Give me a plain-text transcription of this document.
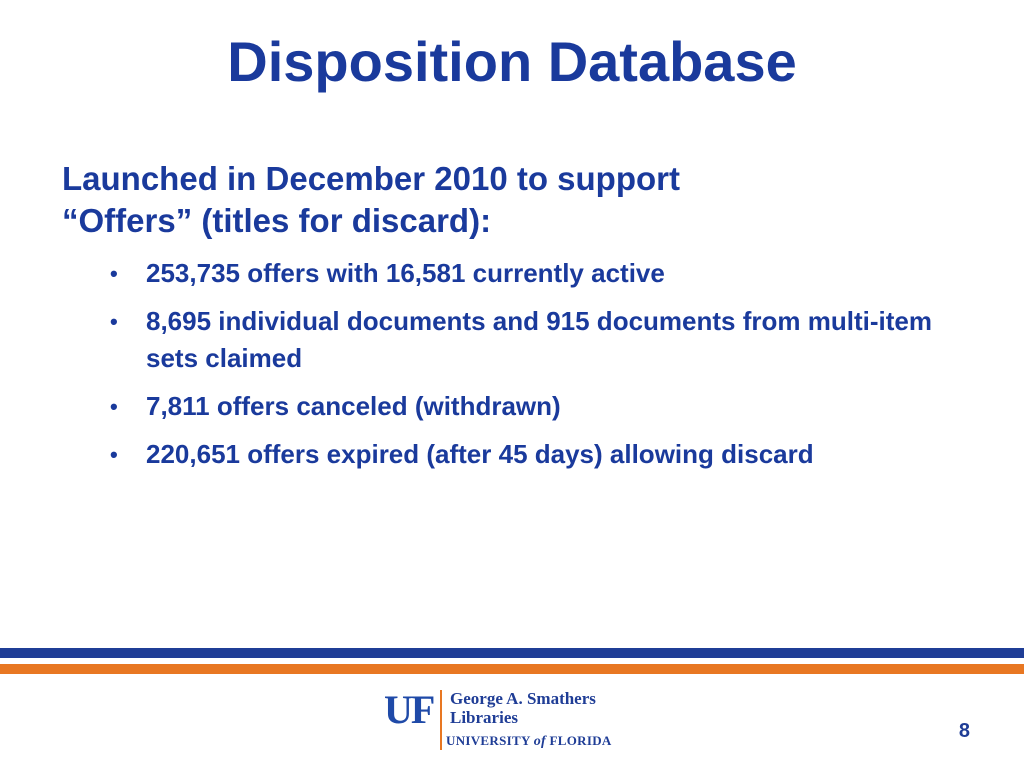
Disposition Database
Launched in December 2010 to support
“Offers” (titles for discard):
• 253,735 offers with 16,581 currently active
• 8,695 individual documents and 915 documents from multi-item sets claimed
• 7,811 offers canceled (withdrawn)
• 220,651 offers expired (after 45 days) allowing discard
UF George A. Smathers
Libraries
UNIVERSITY of FLORIDA	8
